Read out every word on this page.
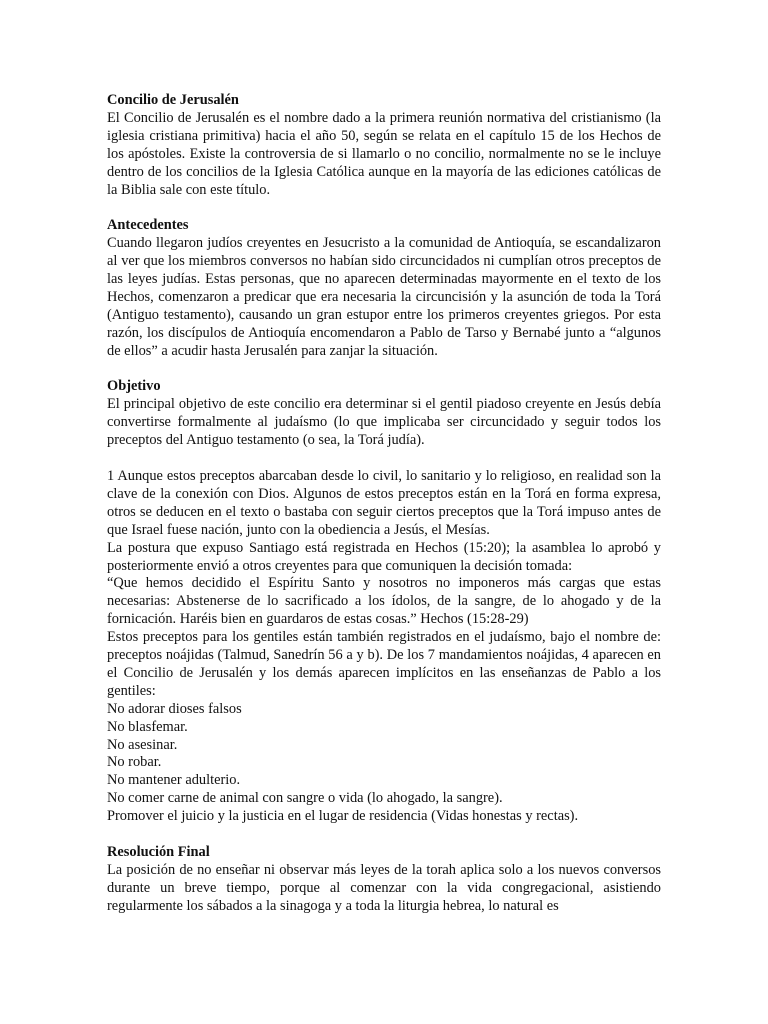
Concilio de Jerusalén

El Concilio de Jerusalén es el nombre dado a la primera reunión normativa del cristianismo (la iglesia cristiana primitiva) hacia el año 50, según se relata en el capítulo 15 de los Hechos de los apóstoles. Existe la controversia de si llamarlo o no concilio, normalmente no se le incluye dentro de los concilios de la Iglesia Católica aunque en la mayoría de las ediciones católicas de la Biblia sale con este título.

Antecedentes

Cuando llegaron judíos creyentes en Jesucristo a la comunidad de Antioquía, se escandalizaron al ver que los miembros conversos no habían sido circuncidados ni cumplían otros preceptos de las leyes judías. Estas personas, que no aparecen determinadas mayormente en el texto de los Hechos, comenzaron a predicar que era necesaria la circuncisión y la asunción de toda la Torá (Antiguo testamento), causando un gran estupor entre los primeros creyentes griegos. Por esta razón, los discípulos de Antioquía encomendaron a Pablo de Tarso y Bernabé junto a “algunos de ellos” a acudir hasta Jerusalén para zanjar la situación.

Objetivo

El principal objetivo de este concilio era determinar si el gentil piadoso creyente en Jesús debía convertirse formalmente al judaísmo (lo que implicaba ser circuncidado y seguir todos los preceptos del Antiguo testamento (o sea, la Torá judía).

1 Aunque estos preceptos abarcaban desde lo civil, lo sanitario y lo religioso, en realidad son la clave de la conexión con Dios. Algunos de estos preceptos están en la Torá en forma expresa, otros se deducen en el texto o bastaba con seguir ciertos preceptos que la Torá impuso antes de que Israel fuese nación, junto con la obediencia a Jesús, el Mesías.

La postura que expuso Santiago está registrada en Hechos (15:20); la asamblea lo aprobó y posteriormente envió a otros creyentes para que comuniquen la decisión tomada:

“Que hemos decidido el Espíritu Santo y nosotros no imponeros más cargas que estas necesarias: Abstenerse de lo sacrificado a los ídolos, de la sangre, de lo ahogado y de la fornicación. Haréis bien en guardaros de estas cosas.” Hechos (15:28-29)

Estos preceptos para los gentiles están también registrados en el judaísmo, bajo el nombre de: preceptos noájidas (Talmud, Sanedrín 56 a y b). De los 7 mandamientos noájidas, 4 aparecen en el Concilio de Jerusalén y los demás aparecen implícitos en las enseñanzas de Pablo a los gentiles:

No adorar dioses falsos

No blasfemar.

No asesinar.

No robar.

No mantener adulterio.

No comer carne de animal con sangre o vida (lo ahogado, la sangre).

Promover el juicio y la justicia en el lugar de residencia (Vidas honestas y rectas).

Resolución Final

La posición de no enseñar ni observar más leyes de la torah aplica solo a los nuevos conversos durante un breve tiempo, porque al comenzar con la vida congregacional, asistiendo regularmente los sábados a la sinagoga y a toda la liturgia hebrea, lo natural es
